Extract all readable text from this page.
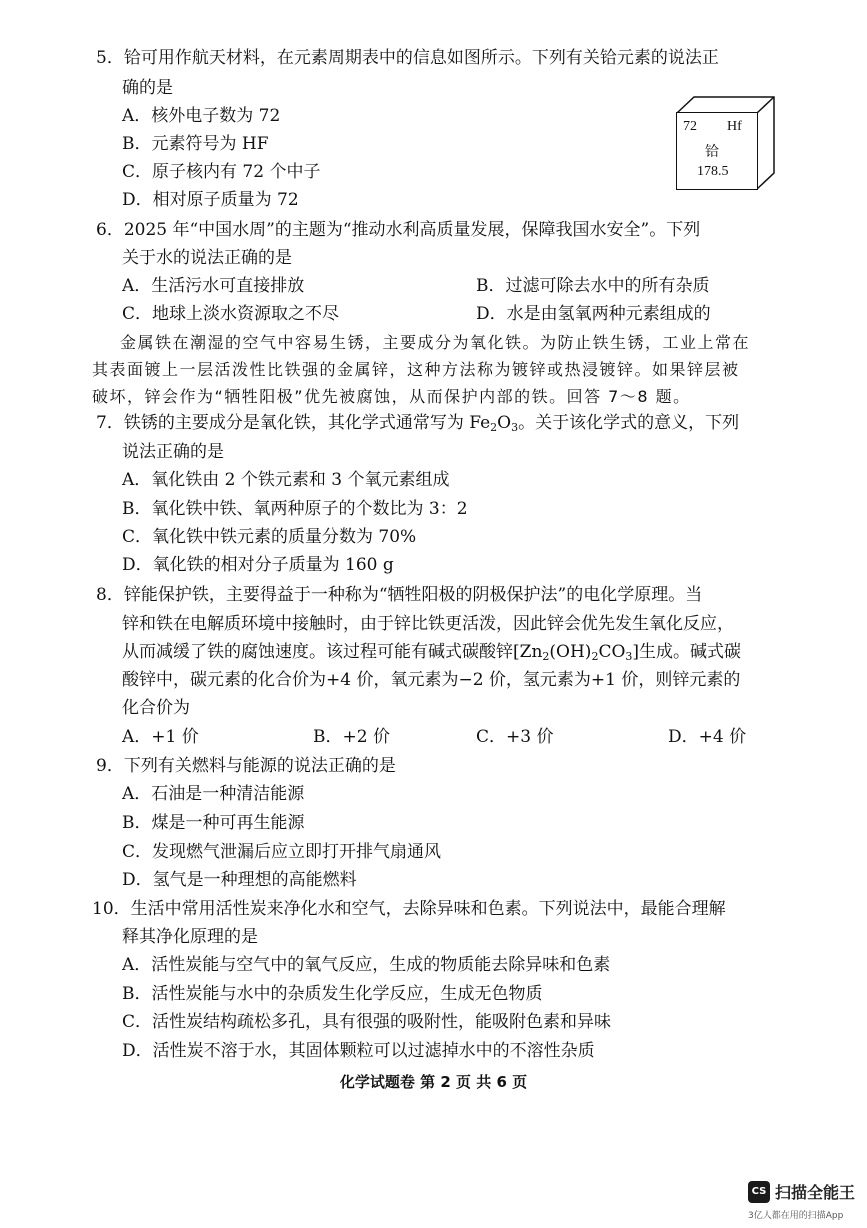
5．铪可用作航天材料，在元素周期表中的信息如图所示。下列有关铪元素的说法正
确的是
A．核外电子数为 72
B．元素符号为 HF
C．原子核内有 72 个中子
D．相对原子质量为 72
72 Hf
铪
178.5
6．2025 年“中国水周”的主题为“推动水利高质量发展，保障我国水安全”。下列
关于水的说法正确的是
A．生活污水可直接排放	B．过滤可除去水中的所有杂质
C．地球上淡水资源取之不尽	D．水是由氢氧两种元素组成的
金属铁在潮湿的空气中容易生锈，主要成分为氧化铁。为防止铁生锈，工业上常在
其表面镀上一层活泼性比铁强的金属锌，这种方法称为镀锌或热浸镀锌。如果锌层被
破坏，锌会作为“牺牲阳极”优先被腐蚀，从而保护内部的铁。回答 7～8 题。
7．铁锈的主要成分是氧化铁，其化学式通常写为 $Fe_2O_3$。关于该化学式的意义，下列
说法正确的是
A．氧化铁由 2 个铁元素和 3 个氧元素组成
B．氧化铁中铁、氧两种原子的个数比为 3：2
C．氧化铁中铁元素的质量分数为 70%
D．氧化铁的相对分子质量为 160 g
8．锌能保护铁，主要得益于一种称为“牺牲阳极的阴极保护法”的电化学原理。当
锌和铁在电解质环境中接触时，由于锌比铁更活泼，因此锌会优先发生氧化反应，
从而减缓了铁的腐蚀速度。该过程可能有碱式碳酸锌$[Zn_2(OH)_2CO_3]$生成。碱式碳
酸锌中，碳元素的化合价为+4 价，氧元素为−2 价，氢元素为+1 价，则锌元素的
化合价为
A．+1 价	B．+2 价	C．+3 价	D．+4 价
9．下列有关燃料与能源的说法正确的是
A．石油是一种清洁能源
B．煤是一种可再生能源
C．发现燃气泄漏后应立即打开排气扇通风
D．氢气是一种理想的高能燃料
10．生活中常用活性炭来净化水和空气，去除异味和色素。下列说法中，最能合理解
释其净化原理的是
A．活性炭能与空气中的氧气反应，生成的物质能去除异味和色素
B．活性炭能与水中的杂质发生化学反应，生成无色物质
C．活性炭结构疏松多孔，具有很强的吸附性，能吸附色素和异味
D．活性炭不溶于水，其固体颗粒可以过滤掉水中的不溶性杂质
化学试题卷 第 2 页 共 6 页
CS 扫描全能王
3亿人都在用的扫描App
